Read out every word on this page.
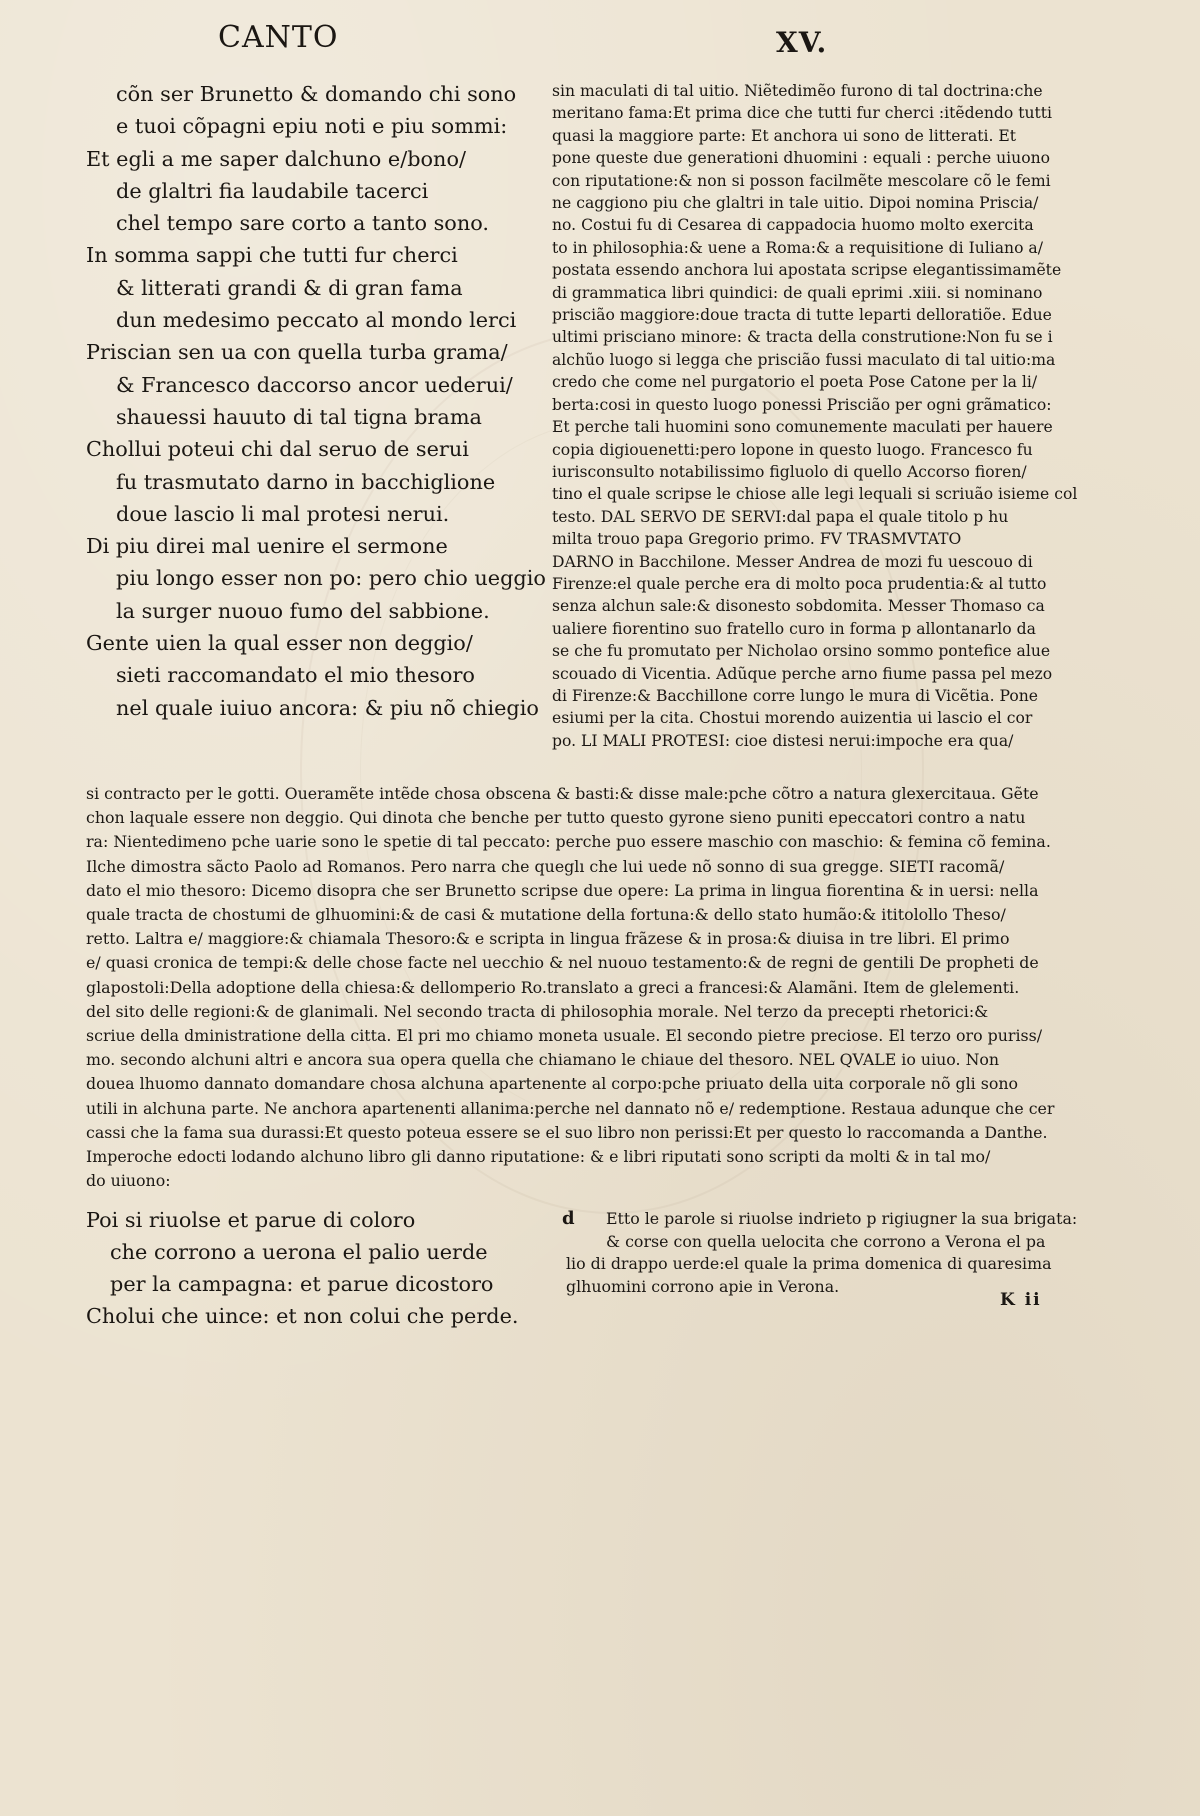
CANTO	XV.
cõn ser Brunetto & domando chi sono
e tuoi cõpagni epiu noti e piu sommi:
Et egli a me saper dalchuno e/bono/
de glaltri fia laudabile tacerci
chel tempo sare corto a tanto sono.
In somma sappi che tutti fur cherci
& litterati grandi & di gran fama
dun medesimo peccato al mondo lerci
Priscian sen ua con quella turba grama/
& Francesco daccorso ancor uederui/
shauessi hauuto di tal tigna brama
Chollui poteui chi dal seruo de serui
fu trasmutato darno in bacchiglione
doue lascio li mal protesi nerui.
Di piu direi mal uenire el sermone
piu longo esser non po: pero chio ueggio
la surger nuouo fumo del sabbione.
Gente uien la qual esser non deggio/
sieti raccomandato el mio thesoro
nel quale iuiuo ancora: & piu nõ chiegio
sin maculati di tal uitio. Niẽtedimẽo furono di tal doctrina:che
meritano fama:Et prima dice che tutti fur cherci :itẽdendo tutti
quasi la maggiore parte: Et anchora ui sono de litterati. Et
pone queste due generationi dhuomini : equali : perche uiuono
con riputatione:& non si posson facilmẽte mescolare cõ le femi
ne caggiono piu che glaltri in tale uitio. Dipoi nomina Priscia/
no. Costui fu di Cesarea di cappadocia huomo molto exercita
to in philosophia:& uene a Roma:& a requisitione di Iuliano a/
postata essendo anchora lui apostata scripse elegantissimamẽte
di grammatica libri quindici: de quali eprimi .xiii. si nominano
priscião maggiore:doue tracta di tutte leparti delloratiõe. Edue
ultimi prisciano minore: & tracta della construtione:Non fu se i
alchũo luogo si legga che priscião fussi maculato di tal uitio:ma
credo che come nel purgatorio el poeta Pose Catone per la li/
berta:cosi in questo luogo ponessi Priscião per ogni grãmatico:
Et perche tali huomini sono comunemente maculati per hauere
copia digiouenetti:pero lopone in questo luogo. Francesco fu
iurisconsulto notabilissimo figluolo di quello Accorso fioren/
tino el quale scripse le chiose alle legi lequali si scriuão isieme col
testo. DAL SERVO DE SERVI:dal papa el quale titolo p hu
milta trouo papa Gregorio primo. FV TRASMVTATO
DARNO in Bacchilone. Messer Andrea de mozi fu uescouo di
Firenze:el quale perche era di molto poca prudentia:& al tutto
senza alchun sale:& disonesto sobdomita. Messer Thomaso ca
ualiere fiorentino suo fratello curo in forma p allontanarlo da
se che fu promutato per Nicholao orsino sommo pontefice alue
scouado di Vicentia. Adũque perche arno fiume passa pel mezo
di Firenze:& Bacchillone corre lungo le mura di Vicẽtia. Pone
esiumi per la cita. Chostui morendo auizentia ui lascio el cor
po. LI MALI PROTESI: cioe distesi nerui:impoche era qua/
si contracto per le gotti. Oueramẽte intẽde chosa obscena & basti:& disse male:pche cõtro a natura glexercitaua. Gẽte
chon laquale essere non deggio. Qui dinota che benche per tutto questo gyrone sieno puniti epeccatori contro a natu
ra: Nientedimeno pche uarie sono le spetie di tal peccato: perche puo essere maschio con maschio: & femina cõ femina.
Ilche dimostra sãcto Paolo ad Romanos. Pero narra che queglı che lui uede nõ sonno di sua gregge. SIETI racomã/
dato el mio thesoro: Dicemo disopra che ser Brunetto scripse due opere: La prima in lingua fiorentina & in uersi: nella
quale tracta de chostumi de glhuomini:& de casi & mutatione della fortuna:& dello stato humão:& ititolollo Theso/
retto. Laltra e/ maggiore:& chiamala Thesoro:& e scripta in lingua frãzese & in prosa:& diuisa in tre libri. El primo
e/ quasi cronica de tempi:& delle chose facte nel uecchio & nel nuouo testamento:& de regni de gentili De propheti de
glapostoli:Della adoptione della chiesa:& dellomperio Ro.translato a greci a francesi:& Alamãni. Item de glelementi.
del sito delle regioni:& de glanimali. Nel secondo tracta di philosophia morale. Nel terzo da precepti rhetorici:&
scriue della dministratione della citta. El pri mo chiamo moneta usuale. El secondo pietre preciose. El terzo oro puriss/
mo. secondo alchuni altri e ancora sua opera quella che chiamano le chiaue del thesoro. NEL QVALE io uiuo. Non
douea lhuomo dannato domandare chosa alchuna apartenente al corpo:pche priuato della uita corporale nõ gli sono
utili in alchuna parte. Ne anchora apartenenti allanima:perche nel dannato nõ e/ redemptione. Restaua adunque che cer
cassi che la fama sua durassi:Et questo poteua essere se el suo libro non perissi:Et per questo lo raccomanda a Danthe.
Imperoche edocti lodando alchuno libro gli danno riputatione: & e libri riputati sono scripti da molti & in tal mo/
do uiuono:
Poi si riuolse et parue di coloro
che corrono a uerona el palio uerde
per la campagna: et parue dicostoro
Cholui che uince: et non colui che perde.
d	Etto le parole si riuolse indrieto p rigiugner la sua brigata:
& corse con quella uelocita che corrono a Verona el pa
lio di drappo uerde:el quale la prima domenica di quaresima
glhuomini corrono apie in Verona.
K ii
